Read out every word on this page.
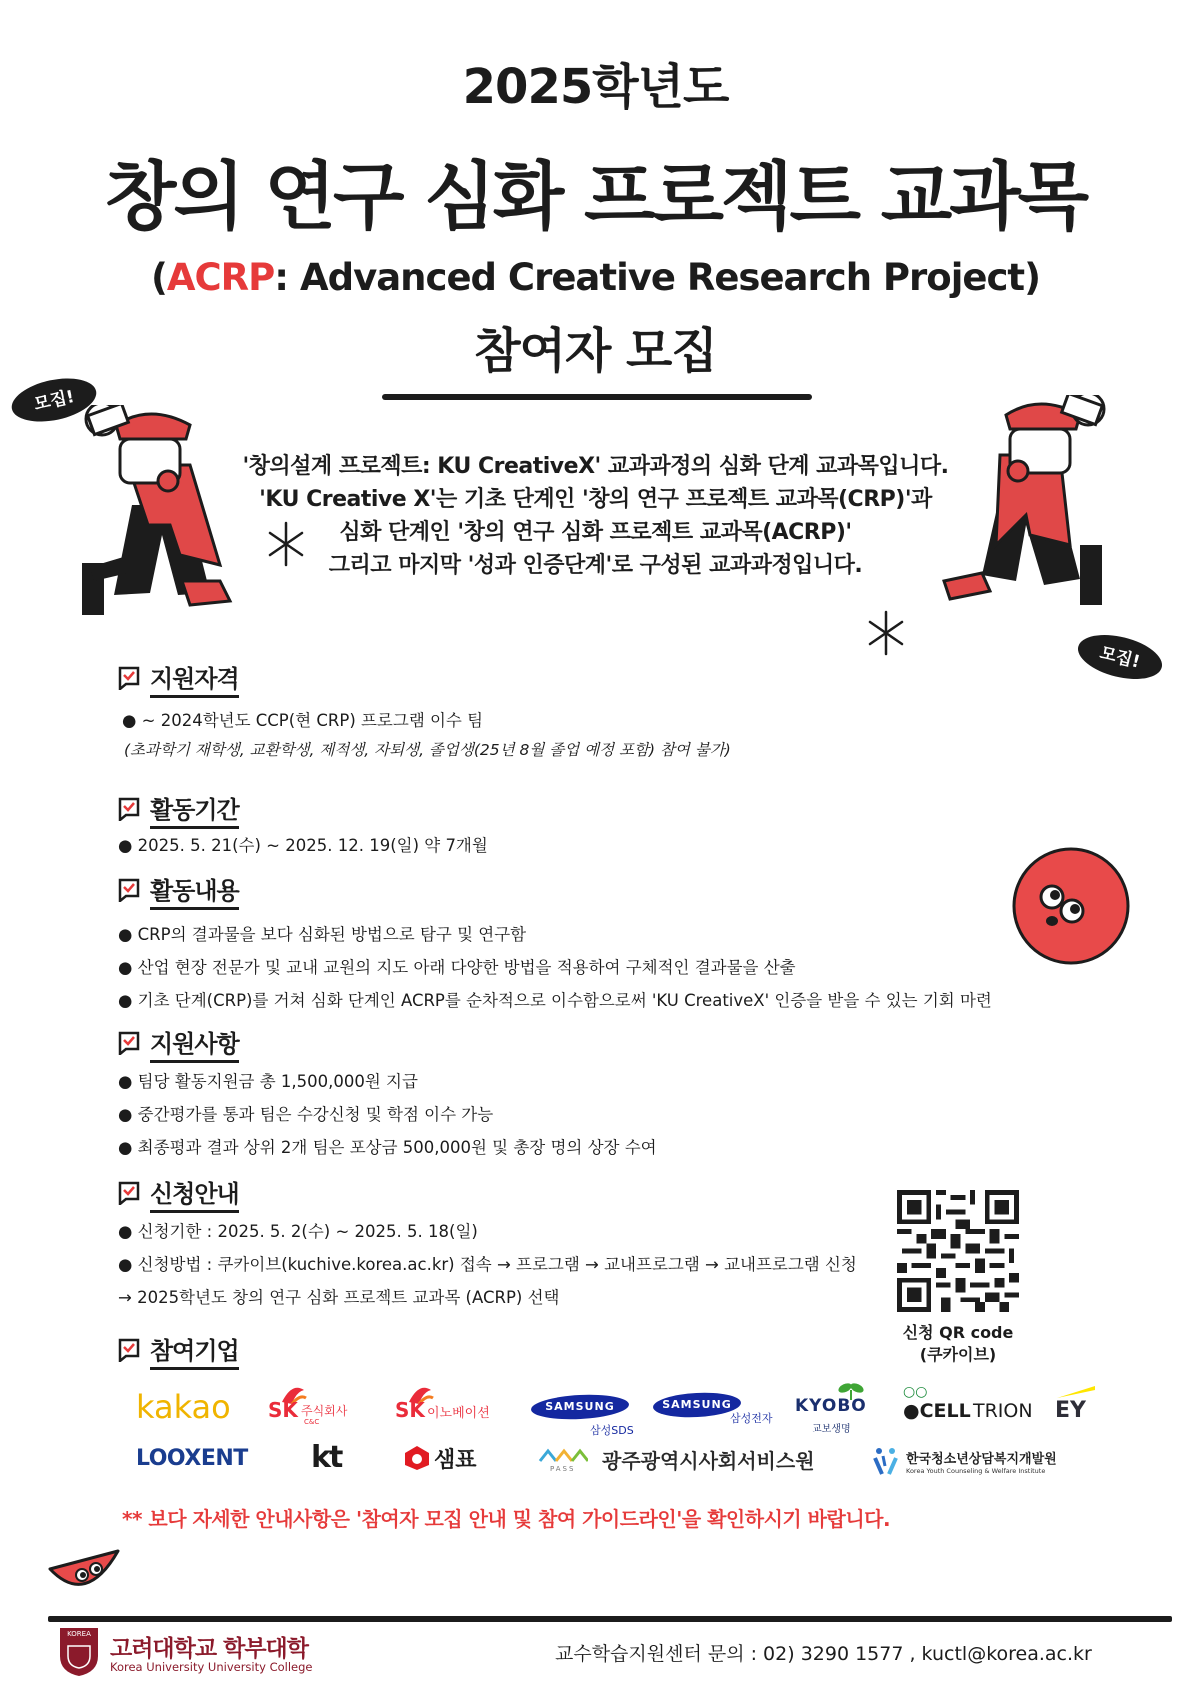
2025학년도
창의 연구 심화 프로젝트 교과목
(ACRP: Advanced Creative Research Project)
참여자 모집
모집!
모집!
'창의설계 프로젝트: KU CreativeX' 교과과정의 심화 단계 교과목입니다.
'KU Creative X'는 기초 단계인 '창의 연구 프로젝트 교과목(CRP)'과
심화 단계인 '창의 연구 심화 프로젝트 교과목(ACRP)'
그리고 마지막 '성과 인증단계'로 구성된 교과과정입니다.
지원자격
● ~ 2024학년도 CCP(현 CRP) 프로그램 이수 팀
(초과학기 재학생, 교환학생, 제적생, 자퇴생, 졸업생(25년 8월 졸업 예정 포함) 참여 불가)
활동기간
● 2025. 5. 21(수) ~ 2025. 12. 19(일) 약 7개월
활동내용
● CRP의 결과물을 보다 심화된 방법으로 탐구 및 연구함
● 산업 현장 전문가 및 교내 교원의 지도 아래 다양한 방법을 적용하여 구체적인 결과물을 산출
● 기초 단계(CRP)를 거쳐 심화 단계인 ACRP를 순차적으로 이수함으로써 'KU CreativeX' 인증을 받을 수 있는 기회 마련
지원사항
● 팀당 활동지원금 총 1,500,000원 지급
● 중간평가를 통과 팀은 수강신청 및 학점 이수 가능
● 최종평과 결과 상위 2개 팀은 포상금 500,000원 및 총장 명의 상장 수여
신청안내
● 신청기한 : 2025. 5. 2(수) ~ 2025. 5. 18(일)
● 신청방법 : 쿠카이브(kuchive.korea.ac.kr) 접속 → 프로그램 → 교내프로그램 → 교내프로그램 신청
→ 2025학년도 창의 연구 심화 프로젝트 교과목 (ACRP) 선택
신청 QR code
(쿠카이브)
참여기업
kakao SK 주식회사
C&C	SK 이노베이션	SAMSUNG
삼성SDS
SAMSUNG
삼성전자
KYOBO
교보생명
○○
●CELL TRION EY
LOOXENT kt	샘표	PASS 광주광역시사회서비스원	한국청소년상담복지개발원
Korea Youth Counseling & Welfare Institute
** 보다 자세한 안내사항은 '참여자 모집 안내 및 참여 가이드라인'을 확인하시기 바랍니다.
KOREA
고려대학교 학부대학
Korea University University College
교수학습지원센터 문의 : 02) 3290 1577 , kuctl@korea.ac.kr
